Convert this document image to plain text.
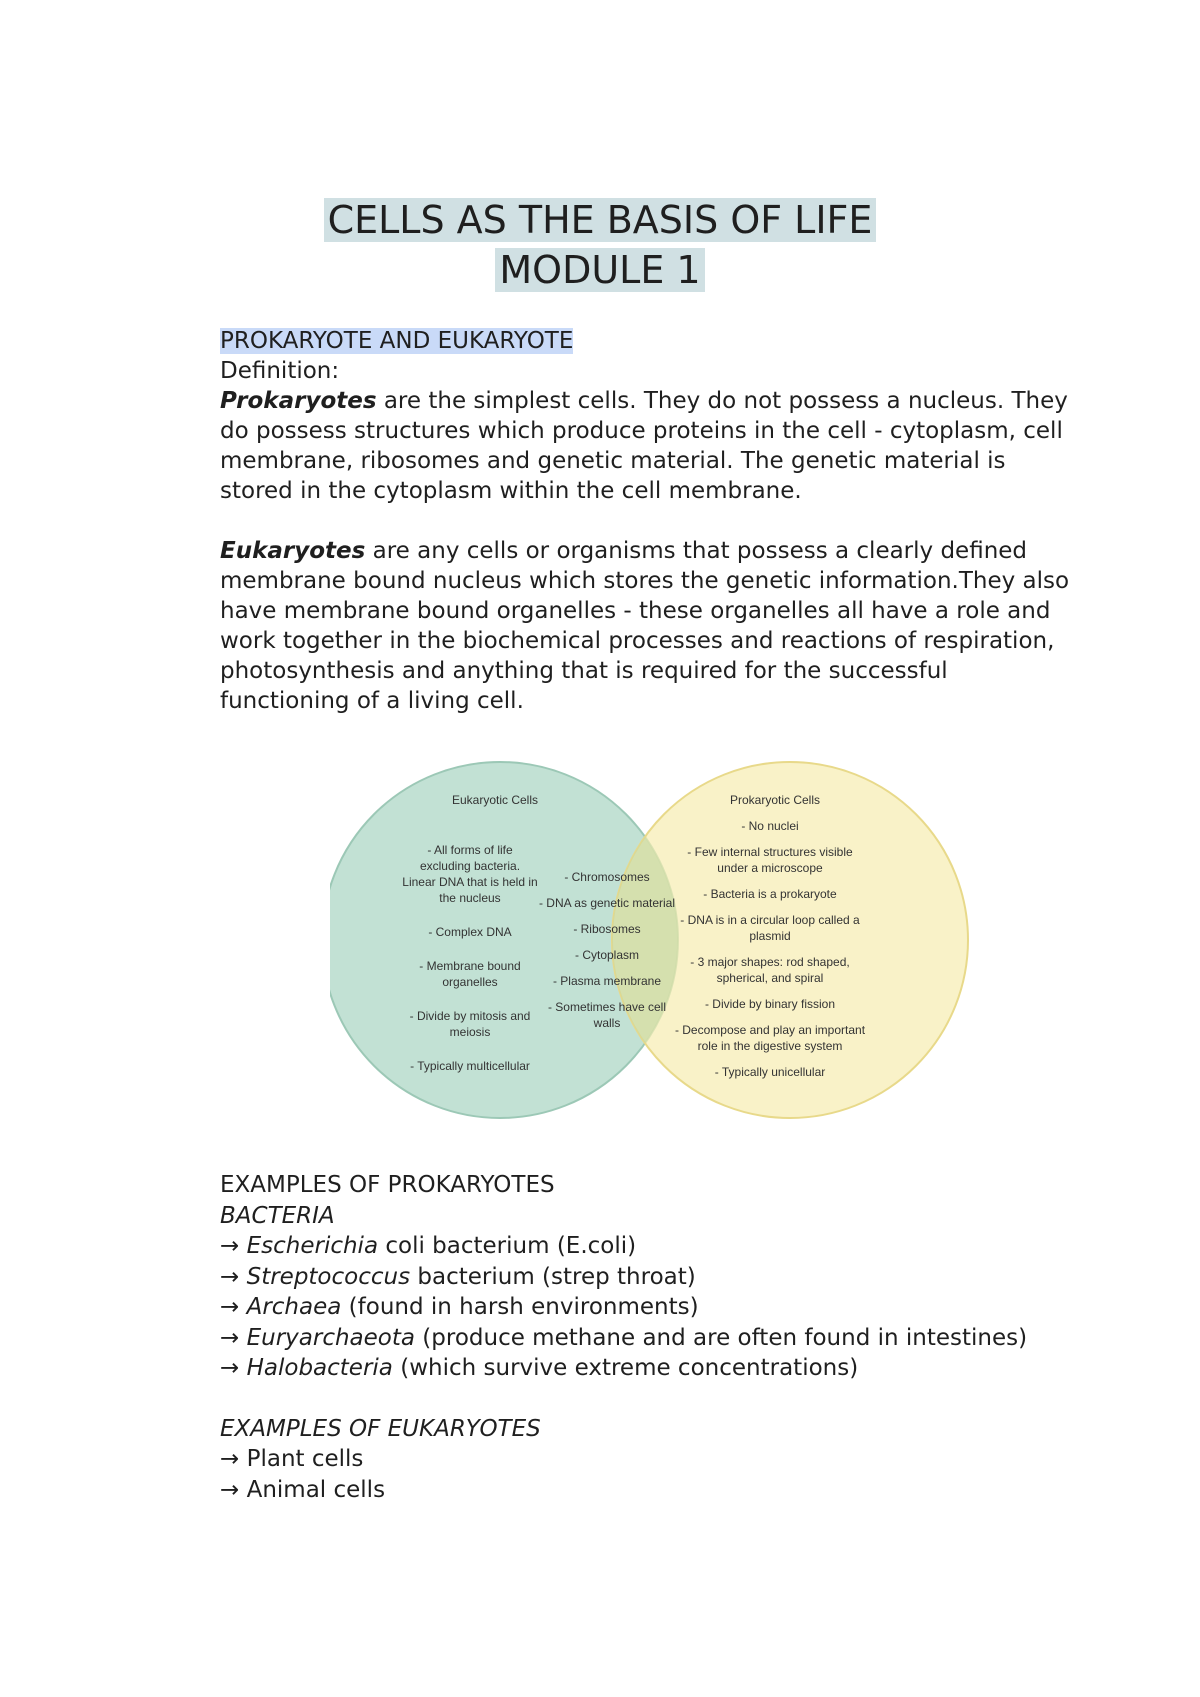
CELLS AS THE BASIS OF LIFE
MODULE 1
PROKARYOTE AND EUKARYOTE
Definition:

Prokaryotes are the simplest cells. They do not possess a nucleus. They do possess structures which produce proteins in the cell - cytoplasm, cell membrane, ribosomes and genetic material. The genetic material is stored in the cytoplasm within the cell membrane.

Eukaryotes are any cells or organisms that possess a clearly defined membrane bound nucleus which stores the genetic information.They also have membrane bound organelles - these organelles all have a role and work together in the biochemical processes and reactions of respiration, photosynthesis and anything that is required for the successful functioning of a living cell.

Eukaryotic Cells	Prokaryotic Cells
- All forms of life
excluding bacteria.
Linear DNA that is held in
the nucleus
- Complex DNA
- Membrane bound
organelles
- Divide by mitosis and
meiosis
- Typically multicellular
- Chromosomes
- DNA as genetic material
- Ribosomes
- Cytoplasm
- Plasma membrane
- Sometimes have cell
walls
- No nuclei
- Few internal structures visible
under a microscope
- Bacteria is a prokaryote
- DNA is in a circular loop called a
plasmid
- 3 major shapes: rod shaped,
spherical, and spiral
- Divide by binary fission
- Decompose and play an important
role in the digestive system
- Typically unicellular
EXAMPLES OF PROKARYOTES
BACTERIA
→ Escherichia coli bacterium (E.coli)
→ Streptococcus bacterium (strep throat)
→ Archaea (found in harsh environments)
→ Euryarchaeota (produce methane and are often found in intestines)
→ Halobacteria (which survive extreme concentrations)
EXAMPLES OF EUKARYOTES
→ Plant cells
→ Animal cells
